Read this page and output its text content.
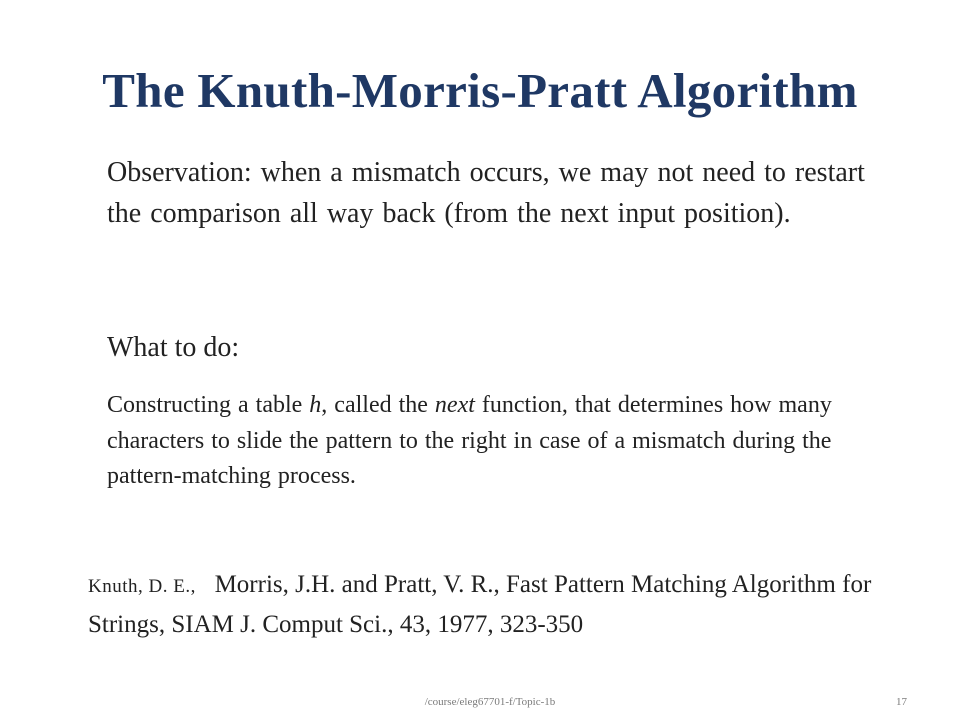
The Knuth-Morris-Pratt Algorithm
Observation: when a mismatch occurs, we may not need to restart the comparison all way back (from the next input position).
What to do:
Constructing a table h, called the next function, that determines how many characters to slide the pattern to the right in case of a mismatch during the pattern-matching process.
Knuth, D. E., Morris, J.H. and Pratt, V. R., Fast Pattern Matching Algorithm for Strings, SIAM J. Comput Sci., 43, 1977, 323-350
/course/eleg67701-f/Topic-1b	17
